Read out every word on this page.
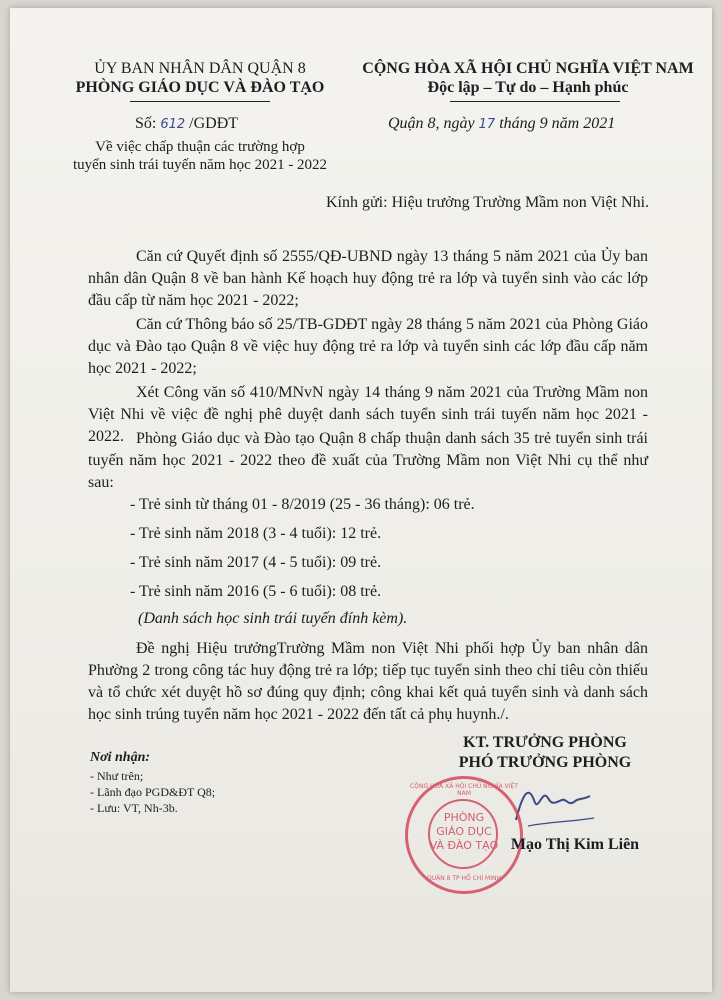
ỦY BAN NHÂN DÂN QUẬN 8
PHÒNG GIÁO DỤC VÀ ĐÀO TẠO
CỘNG HÒA XÃ HỘI CHỦ NGHĨA VIỆT NAM
Độc lập – Tự do – Hạnh phúc
Số: 612 /GDĐT	Quận 8, ngày 17 tháng 9 năm 2021
Về việc chấp thuận các trường hợp
tuyển sinh trái tuyến năm học 2021 - 2022
Kính gửi: Hiệu trưởng Trường Mầm non Việt Nhi.
Căn cứ Quyết định số 2555/QĐ-UBND ngày 13 tháng 5 năm 2021 của Ủy ban nhân dân Quận 8 về ban hành Kế hoạch huy động trẻ ra lớp và tuyển sinh vào các lớp đầu cấp từ năm học 2021 - 2022;
Căn cứ Thông báo số 25/TB-GDĐT ngày 28 tháng 5 năm 2021 của Phòng Giáo dục và Đào tạo Quận 8 về việc huy động trẻ ra lớp và tuyển sinh các lớp đầu cấp năm học 2021 - 2022;
Xét Công văn số 410/MNvN ngày 14 tháng 9 năm 2021 của Trường Mầm non Việt Nhi về việc đề nghị phê duyệt danh sách tuyển sinh trái tuyến năm học 2021 - 2022. Phòng Giáo dục và Đào tạo Quận 8 chấp thuận danh sách 35 trẻ tuyển sinh trái tuyến năm học 2021 - 2022 theo đề xuất của Trường Mầm non Việt Nhi cụ thể như sau:
- Trẻ sinh từ tháng 01 - 8/2019 (25 - 36 tháng): 06 trẻ.
- Trẻ sinh năm 2018 (3 - 4 tuổi): 12 trẻ.
- Trẻ sinh năm 2017 (4 - 5 tuổi): 09 trẻ.
- Trẻ sinh năm 2016 (5 - 6 tuổi): 08 trẻ.
(Danh sách học sinh trái tuyến đính kèm).
Đề nghị Hiệu trưởngTrường Mầm non Việt Nhi phối hợp Ủy ban nhân dân Phường 2 trong công tác huy động trẻ ra lớp; tiếp tục tuyển sinh theo chỉ tiêu còn thiếu và tổ chức xét duyệt hồ sơ đúng quy định; công khai kết quả tuyển sinh và danh sách học sinh trúng tuyển năm học 2021 - 2022 đến tất cả phụ huynh./.
Nơi nhận:
- Như trên;
- Lãnh đạo PGD&ĐT Q8;
- Lưu: VT, Nh-3b.
KT. TRƯỞNG PHÒNG
PHÓ TRƯỞNG PHÒNG
CỘNG HÒA XÃ HỘI CHỦ NGHĨA VIỆT NAM
PHÒNG
GIÁO DỤC
VÀ ĐÀO TẠO
QUẬN 8 TP HỒ CHÍ MINH
Mạo Thị Kim Liên
